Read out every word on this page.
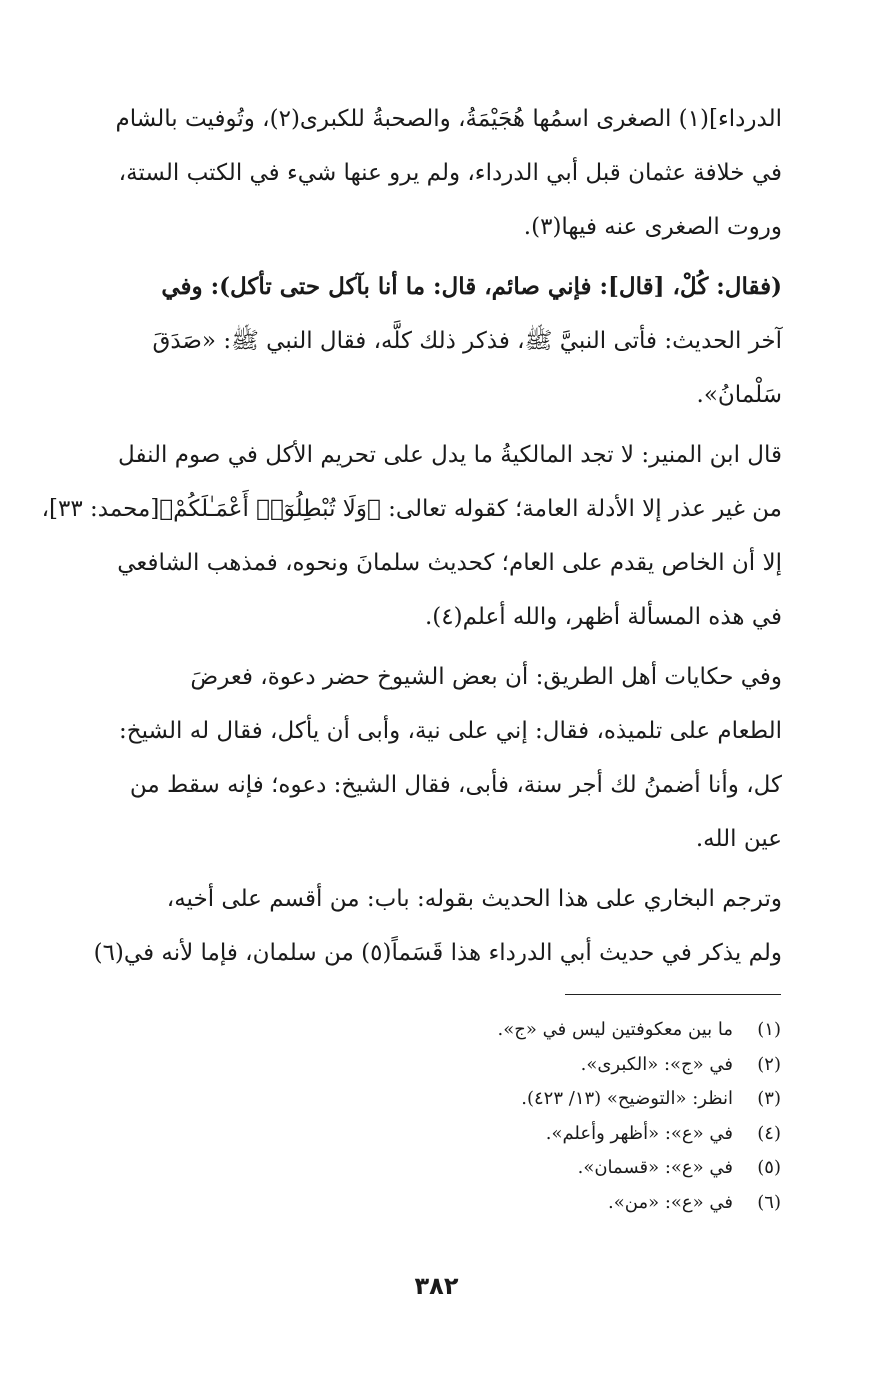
الدرداء](١) الصغرى اسمُها هُجَيْمَةُ، والصحبةُ للكبرى(٢)، وتُوفيت بالشام
في خلافة عثمان قبل أبي الدرداء، ولم يرو عنها شيء في الكتب الستة،
وروت الصغرى عنه فيها(٣).

(فقال: كُلْ، [قال]: فإني صائم، قال: ما أنا بآكل حتى تأكل): وفي
آخر الحديث: فأتى النبيَّ ﷺ، فذكر ذلك كلَّه، فقال النبي ﷺ: «صَدَقَ
سَلْمانُ».

قال ابن المنير: لا تجد المالكيةُ ما يدل على تحريم الأكل في صوم النفل
من غير عذر إلا الأدلة العامة؛ كقوله تعالى: ﴿وَلَا تُبْطِلُوٓا۟ أَعْمَـٰلَكُمْ﴾[محمد: ٣٣]،
إلا أن الخاص يقدم على العام؛ كحديث سلمانَ ونحوه، فمذهب الشافعي
في هذه المسألة أظهر، والله أعلم(٤).

وفي حكايات أهل الطريق: أن بعض الشيوخ حضر دعوة، فعرضَ
الطعام على تلميذه، فقال: إني على نية، وأبى أن يأكل، فقال له الشيخ:
كل، وأنا أضمنُ لك أجر سنة، فأبى، فقال الشيخ: دعوه؛ فإنه سقط من
عين الله.

وترجم البخاري على هذا الحديث بقوله: باب: من أقسم على أخيه،
ولم يذكر في حديث أبي الدرداء هذا قَسَماً(٥) من سلمان، فإما لأنه في(٦)

(١)ما بين معكوفتين ليس في «ج».
(٢)في «ج»: «الكبرى».
(٣)انظر: «التوضيح» (١٣/ ٤٢٣).
(٤)في «ع»: «أظهر وأعلم».
(٥)في «ع»: «قسمان».
(٦)في «ع»: «من».
٣٨٢
